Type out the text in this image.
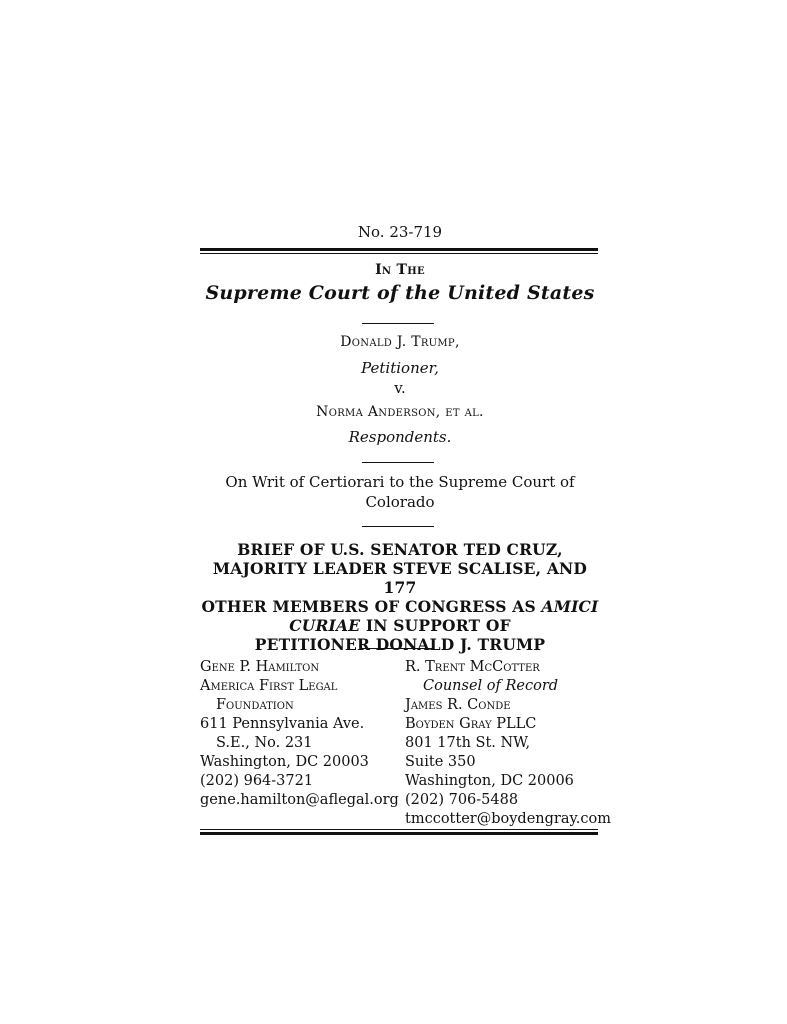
No. 23-719
In The
Supreme Court of the United States
Donald J. Trump,
Petitioner,
v.
Norma Anderson, et al.
Respondents.
On Writ of Certiorari to the Supreme Court of
Colorado
BRIEF OF U.S. SENATOR TED CRUZ,
MAJORITY LEADER STEVE SCALISE, AND 177
OTHER MEMBERS OF CONGRESS AS AMICI
CURIAE IN SUPPORT OF
PETITIONER DONALD J. TRUMP
Gene P. Hamilton
America First Legal
Foundation
611 Pennsylvania Ave.
S.E., No. 231
Washington, DC 20003
(202) 964-3721
gene.hamilton@aflegal.org
R. Trent McCotter
Counsel of Record
James R. Conde
Boyden Gray PLLC
801 17th St. NW,
Suite 350
Washington, DC 20006
(202) 706-5488
tmccotter@boydengray.com
